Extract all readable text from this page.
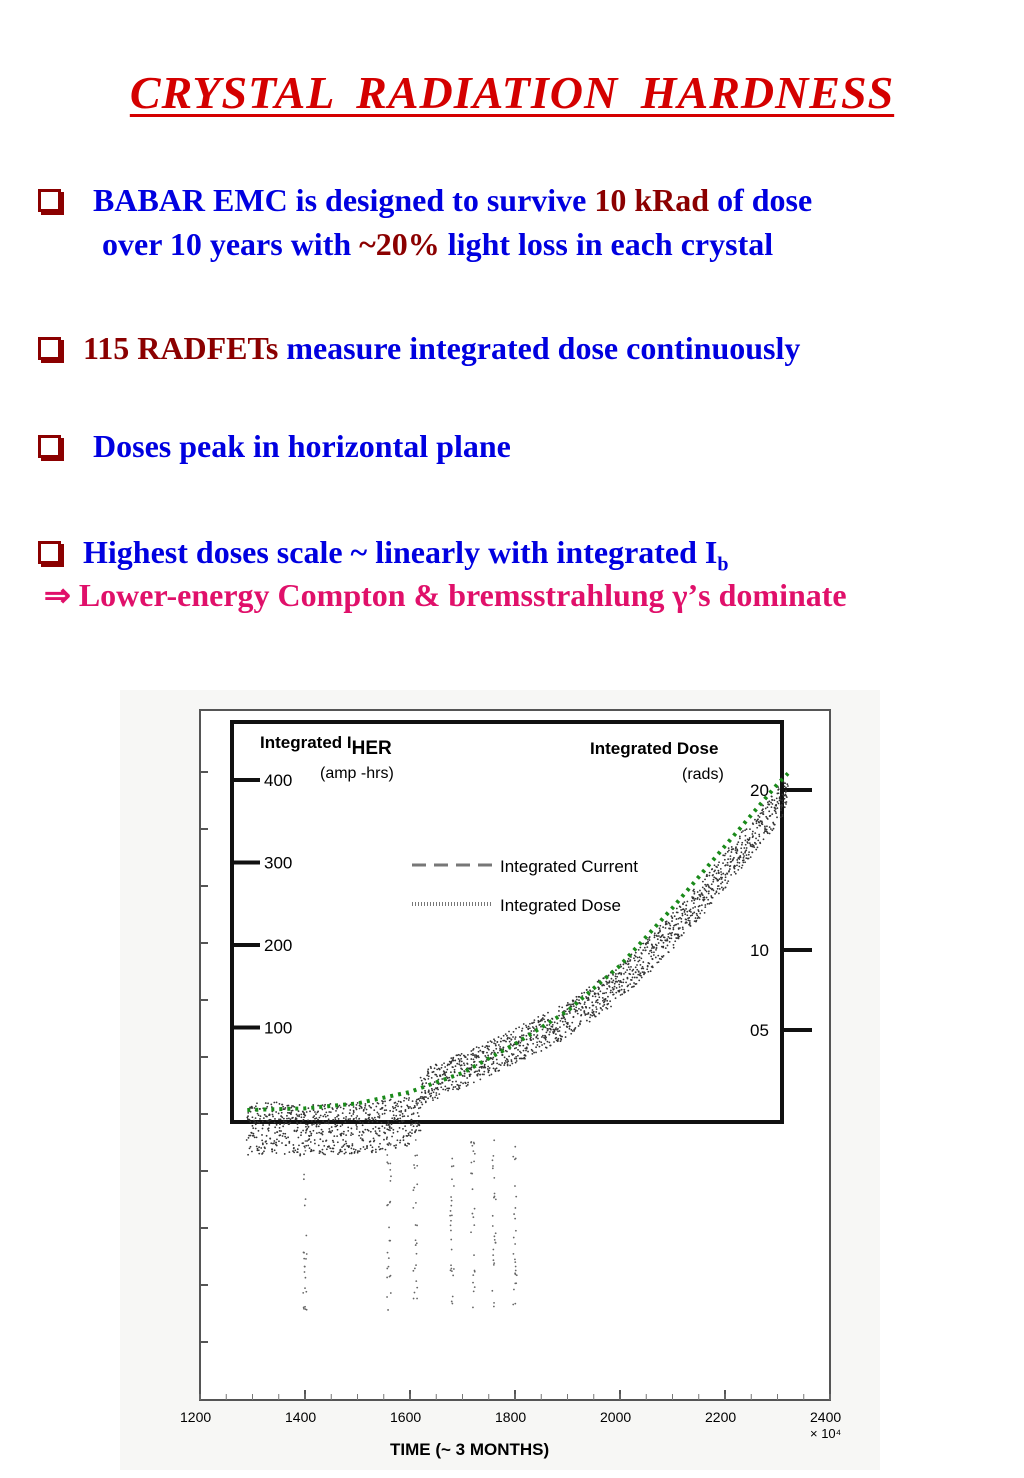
CRYSTAL RADIATION HARDNESS
BABAR EMC is designed to survive 10 kRad of dose
over 10 years with ~20% light loss in each crystal
115 RADFETs measure integrated dose continuously
Doses peak in horizontal plane
Highest doses scale ~ linearly with integrated $I_b$
⇒ Lower-energy Compton & bremsstrahlung γ’s dominate
100
200
300
400
05
10
20
1200	1400	1600	1800	2000	2200	2400
Integrated IHER
(amp -hrs)
Integrated Dose
(rads)
Integrated Current
Integrated Dose
TIME (~ 3 MONTHS)
× 10⁴
